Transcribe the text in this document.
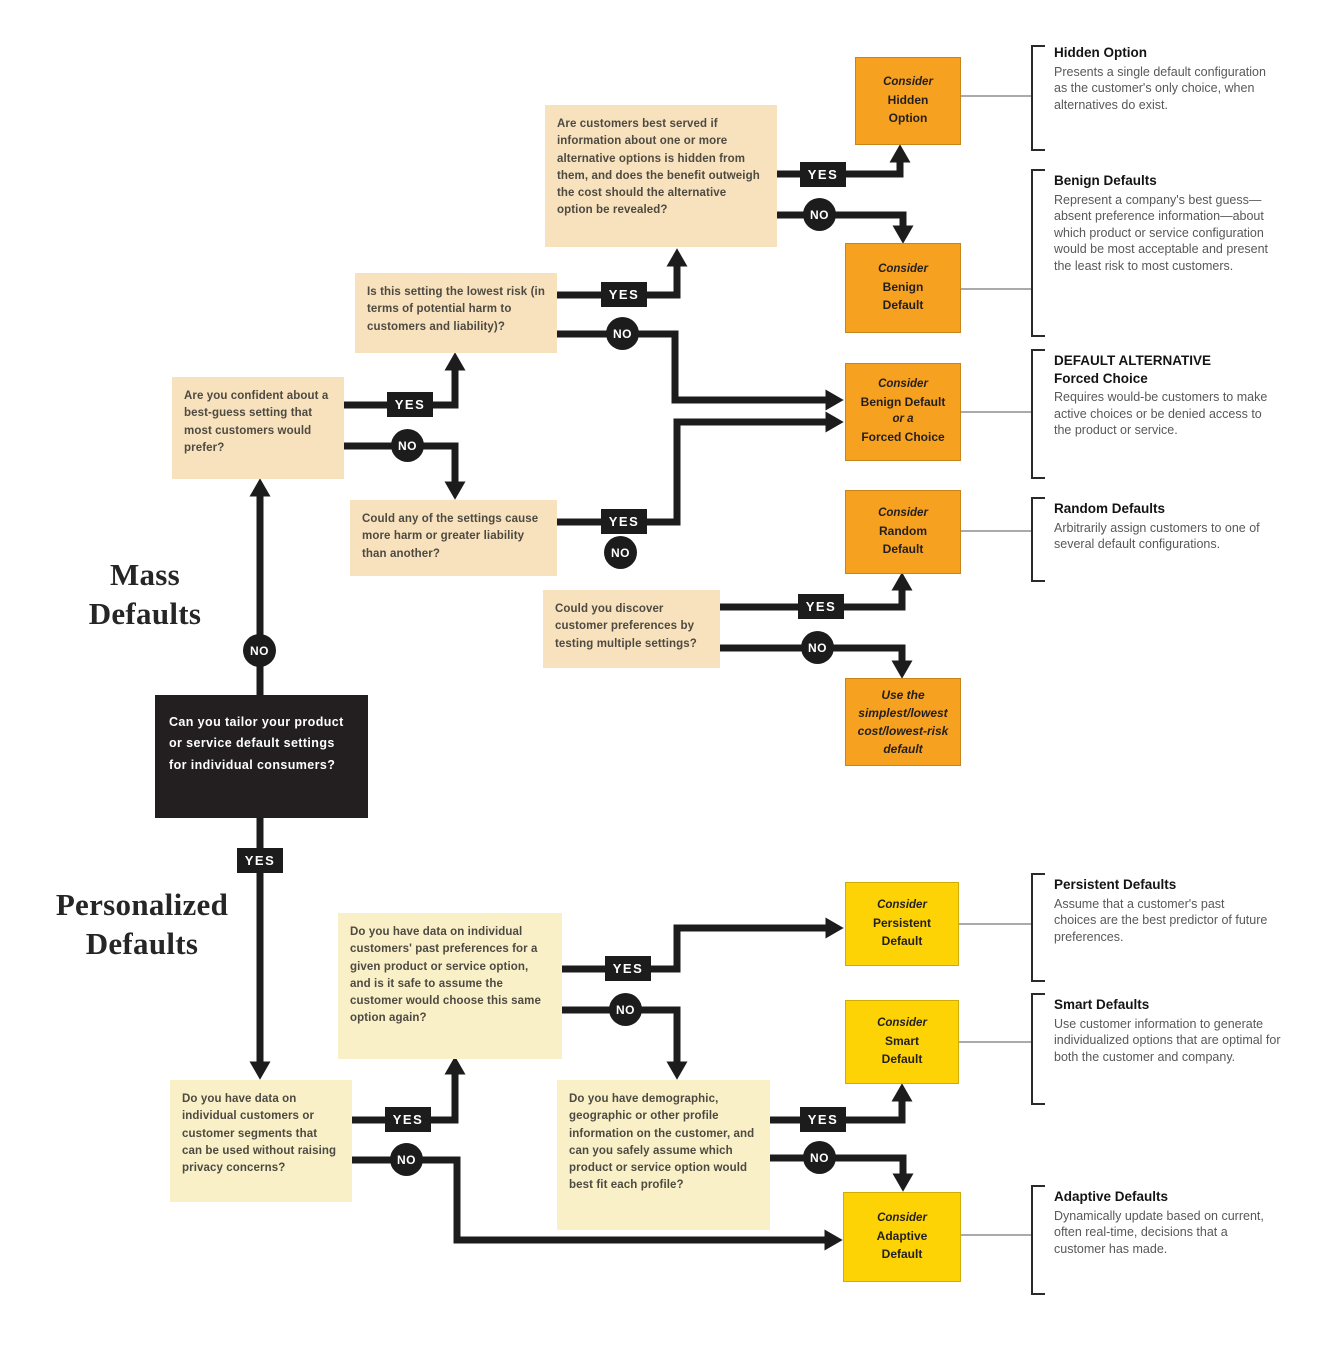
Mass
Defaults
Personalized
Defaults
Are customers best served if information about one or more alternative options is hidden from them, and does the benefit outweigh the cost should the alternative option be revealed?
Is this setting the lowest risk (in terms of potential harm to customers and liability)?
Are you confident about a best-guess setting that most customers would prefer?
Could any of the settings cause more harm or greater liability than another?
Could you discover customer preferences by testing multiple settings?
Can you tailor your product or service default settings for individual consumers?
Do you have data on individual customers' past preferences for a given product or service option, and is it safe to assume the customer would choose this same option again?
Do you have data on individual customers or customer segments that can be used without raising privacy concerns?
Do you have demographic, geographic or other profile information on the customer, and can you safely assume which product or service option would best fit each profile?
Consider
Hidden
Option
Consider
Benign
Default
Consider
Benign Default
or a
Forced Choice
Consider
Random
Default
Use the
simplest/lowest
cost/lowest-risk
default
Consider
Persistent
Default
Consider
Smart
Default
Consider
Adaptive
Default
YES
NO
YES
NO
YES
NO
YES
NO
YES
NO
NO
YES
YES
NO
YES
NO
YES
NO
Hidden Option
Presents a single default configuration as the customer's only choice, when alternatives do exist.
Benign Defaults
Represent a company's best guess—absent preference information—about which product or service configuration would be most acceptable and present the least risk to most customers.
DEFAULT ALTERNATIVE
Forced Choice
Requires would-be customers to make active choices or be denied access to the product or service.
Random Defaults
Arbitrarily assign customers to one of several default configurations.
Persistent Defaults
Assume that a customer's past choices are the best predictor of future preferences.
Smart Defaults
Use customer information to generate individualized options that are optimal for both the customer and company.
Adaptive Defaults
Dynamically update based on current, often real-time, decisions that a customer has made.
